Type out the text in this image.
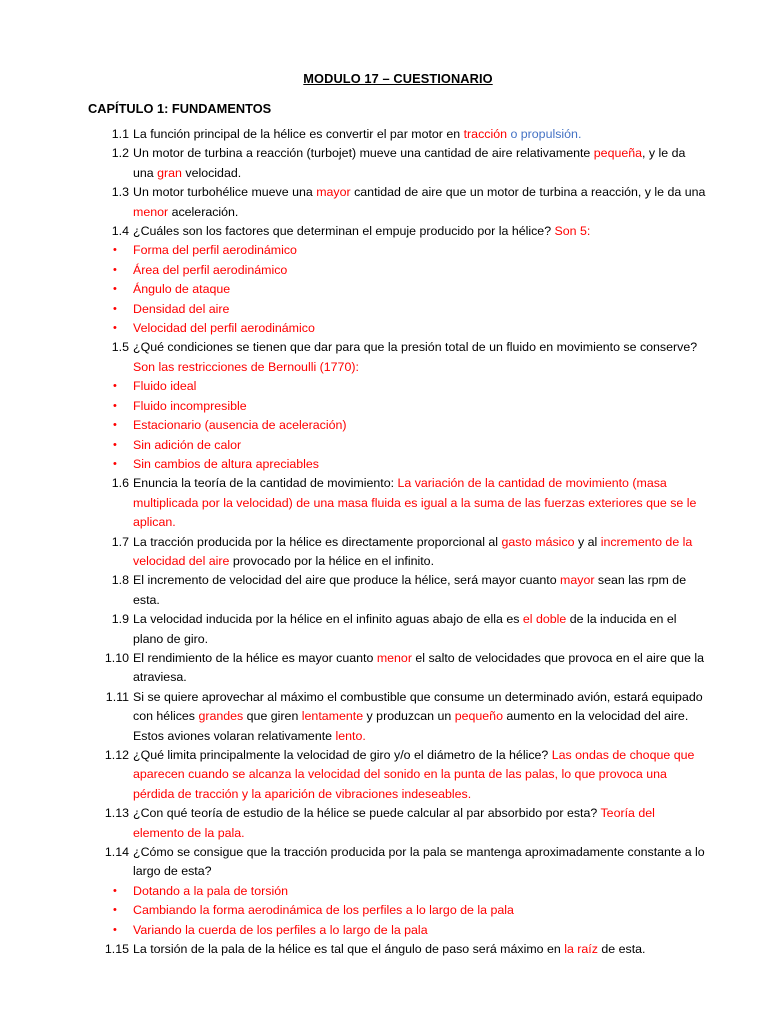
MODULO 17 – CUESTIONARIO
CAPÍTULO 1: FUNDAMENTOS
1.1 La función principal de la hélice es convertir el par motor en tracción o propulsión.
1.2 Un motor de turbina a reacción (turbojet) mueve una cantidad de aire relativamente pequeña, y le da una gran velocidad.
1.3 Un motor turbohélice mueve una mayor cantidad de aire que un motor de turbina a reacción, y le da una menor aceleración.
1.4 ¿Cuáles son los factores que determinan el empuje producido por la hélice? Son 5:
• Forma del perfil aerodinámico
• Área del perfil aerodinámico
• Ángulo de ataque
• Densidad del aire
• Velocidad del perfil aerodinámico
1.5 ¿Qué condiciones se tienen que dar para que la presión total de un fluido en movimiento se conserve? Son las restricciones de Bernoulli (1770):
• Fluido ideal
• Fluido incompresible
• Estacionario (ausencia de aceleración)
• Sin adición de calor
• Sin cambios de altura apreciables
1.6 Enuncia la teoría de la cantidad de movimiento: La variación de la cantidad de movimiento (masa multiplicada por la velocidad) de una masa fluida es igual a la suma de las fuerzas exteriores que se le aplican.
1.7 La tracción producida por la hélice es directamente proporcional al gasto másico y al incremento de la velocidad del aire provocado por la hélice en el infinito.
1.8 El incremento de velocidad del aire que produce la hélice, será mayor cuanto mayor sean las rpm de esta.
1.9 La velocidad inducida por la hélice en el infinito aguas abajo de ella es el doble de la inducida en el plano de giro.
1.10 El rendimiento de la hélice es mayor cuanto menor el salto de velocidades que provoca en el aire que la atraviesa.
1.11 Si se quiere aprovechar al máximo el combustible que consume un determinado avión, estará equipado con hélices grandes que giren lentamente y produzcan un pequeño aumento en la velocidad del aire. Estos aviones volaran relativamente lento.
1.12 ¿Qué limita principalmente la velocidad de giro y/o el diámetro de la hélice? Las ondas de choque que aparecen cuando se alcanza la velocidad del sonido en la punta de las palas, lo que provoca una pérdida de tracción y la aparición de vibraciones indeseables.
1.13 ¿Con qué teoría de estudio de la hélice se puede calcular al par absorbido por esta? Teoría del elemento de la pala.
1.14 ¿Cómo se consigue que la tracción producida por la pala se mantenga aproximadamente constante a lo largo de esta?
• Dotando a la pala de torsión
• Cambiando la forma aerodinámica de los perfiles a lo largo de la pala
• Variando la cuerda de los perfiles a lo largo de la pala
1.15 La torsión de la pala de la hélice es tal que el ángulo de paso será máximo en la raíz de esta.
